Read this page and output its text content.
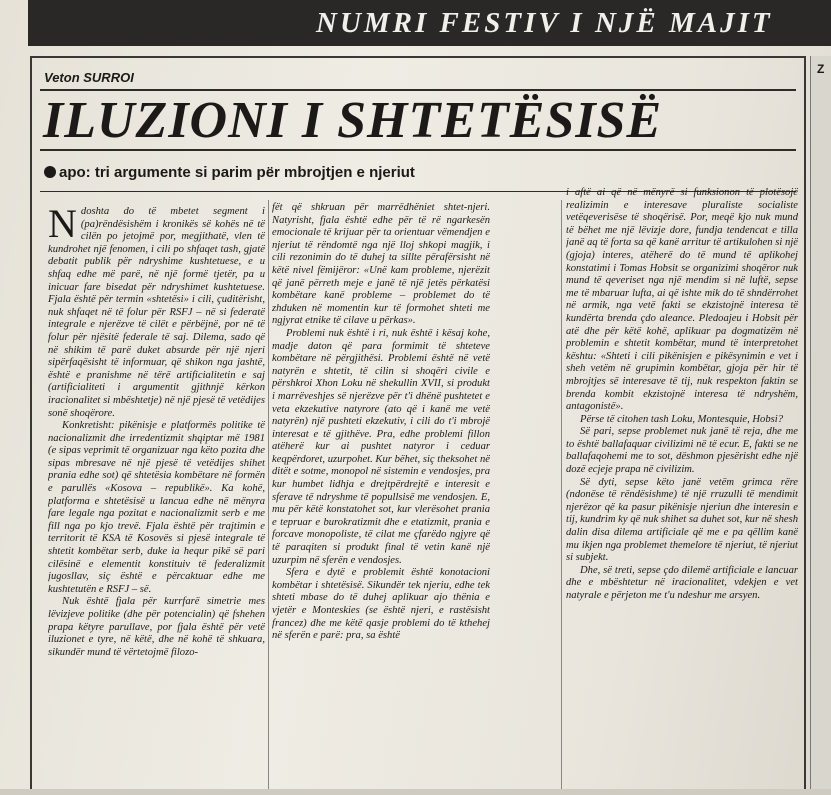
NUMRI FESTIV I NJË MAJIT
Z
Veton SURROI
ILUZIONI I SHTETËSISË
apo: tri argumente si parim për mbrojtjen e njeriut

Ndoshta do të mbetet segment i (pa)rëndësishëm i kronikës së kohës në të cilën po jetojmë por, megjithatë, vlen të kundrohet një fenomen, i cili po shfaqet tash, gjatë debatit publik për ndryshime kushtetuese, e u shfaq edhe më parë, në një formë tjetër, pa u inicuar fare bisedat për ndryshimet kushtetuese. Fjala është për termin «shtetësi» i cili, çuditërisht, nuk shfaqet në të folur për RSFJ – në si federatë integrale e njerëzve të cilët e përbëjnë, por në të folur për njësitë federale të saj. Dilema, sado që në shikim të parë duket absurde për një njeri sipërfaqësisht të informuar, që shikon nga jashtë, është e pranishme në tërë artificialitetin e saj (artificialiteti i argumentit gjithnjë kërkon iracionalitet si mbështetje) në një pjesë të vetëdijes sonë shoqërore.

Konkretisht: pikënisje e platformës politike të nacionalizmit dhe irredentizmit shqiptar më 1981 (e sipas veprimit të organizuar nga këto pozita dhe sipas mbresave në një pjesë të vetëdijes shihet prania edhe sot) që shtetësia kombëtare në formën e parullës «Kosova – republikë». Ka kohë, platforma e shtetësisë u lancua edhe në mënyra fare legale nga pozitat e nacionalizmit serb e me fill nga po kjo trevë. Fjala është për trajtimin e territorit të KSA të Kosovës si pjesë integrale të shtetit kombëtar serb, duke ia hequr pikë së pari cilësinë e elementit konstituiv të federalizmit jugosllav, siç është e përcaktuar edhe me kushtetutën e RSFJ – së.

Nuk është fjala për kurrfarë simetrie mes lëvizjeve politike (dhe për potencialin) që fshehen prapa këtyre parullave, por fjala është për vetë iluzionet e tyre, në këtë, dhe në kohë të shkuara, sikundër mund të vërtetojmë filozo-

fët që shkruan për marrëdhëniet shtet-njeri. Natyrisht, fjala është edhe për të rë ngarkesën emocionale të krijuar për ta orientuar vëmendjen e njeriut të rëndomtë nga një lloj shkopi magjik, i cili rezonimin do të duhej ta sillte përafërsisht në këtë nivel fëmijëror: «Unë kam probleme, njerëzit që janë përreth meje e janë të një jetës përkatësi kombëtare kanë probleme – problemet do të zhduken në momentin kur të formohet shteti me ngjyrat etnike të cilave u përkas».

Problemi nuk është i ri, nuk është i kësaj kohe, madje daton që para formimit të shteteve kombëtare në përgjithësi. Problemi është në vetë natyrën e shtetit, të cilin si shoqëri civile e përshkroi Xhon Loku në shekullin XVII, si produkt i marrëveshjes së njerëzve për t'i dhënë pushtetet e veta ekzekutive natyrore (ato që i kanë me vetë natyrën) një pushteti ekzekutiv, i cili do t'i mbrojë interesat e të gjithëve. Pra, edhe problemi fillon atëherë kur ai pushtet natyror i ceduar keqpërdoret, uzurpohet. Kur bëhet, siç theksohet në ditët e sotme, monopol në sistemin e vendosjes, pra kur humbet lidhja e drejtpërdrejtë e interesit e sferave të ndryshme të popullsisë me vendosjen. E, mu për këtë konstatohet sot, kur vlerësohet prania e tepruar e burokratizmit dhe e etatizmit, prania e forcave monopoliste, të cilat me çfarëdo ngjyre që të paraqiten si produkt final të vetin kanë një uzurpim në sferën e vendosjes.

Sfera e dytë e problemit është konotacioni kombëtar i shtetësisë. Sikundër tek njeriu, edhe tek shteti mbase do të duhej aplikuar ajo thënia e vjetër e Monteskies (se është njeri, e rastësisht francez) dhe me këtë qasje problemi do të kthehej në sferën e parë: pra, sa është

i aftë ai që në mënyrë si funksionon të plotësojë realizimin e interesave pluraliste socialiste vetëqeverisëse të shoqërisë. Por, meqë kjo nuk mund të bëhet me një lëvizje dore, fundja tendencat e tilla janë aq të forta sa që kanë arritur të artikulohen si një (gjoja) interes, atëherë do të mund të aplikohej konstatimi i Tomas Hobsit se organizimi shoqëror nuk mund të qeveriset nga një mendim si në luftë, sepse me të mbaruar lufta, ai që ishte mik do të shndërrohet në armik, nga vetë fakti se ekzistojnë interesa të kundërta brenda çdo aleance. Pledoajeu i Hobsit për atë dhe për këtë kohë, aplikuar pa dogmatizëm në problemin e shtetit kombëtar, mund të interpretohet kështu: «Shteti i cili pikënisjen e pikësynimin e vet i sheh vetëm në grupimin kombëtar, gjoja për hir të mbrojtjes së interesave të tij, nuk respekton faktin se brenda kombit ekzistojnë interesa të ndryshëm, antagonistë».

Përse të citohen tash Loku, Montesquie, Hobsi?

Së pari, sepse problemet nuk janë të reja, dhe me to është ballafaquar civilizimi në të ecur. E, fakti se ne ballafaqohemi me to sot, dëshmon pjesërisht edhe një dozë ecjeje prapa në civilizim.

Së dyti, sepse këto janë vetëm grimca rëre (ndonëse të rëndësishme) të një rruzulli të mendimit njerëzor që ka pasur pikënisje njeriun dhe interesin e tij, kundrim ky që nuk shihet sa duhet sot, kur në shesh dalin disa dilema artificiale që me e pa qëllim kanë mu ikjen nga problemet themelore të njeriut, të njeriut si subjekt.

Dhe, së treti, sepse çdo dilemë artificiale e lancuar dhe e mbështetur në iracionalitet, vdekjen e vet natyrale e përjeton me t'u ndeshur me arsyen.
